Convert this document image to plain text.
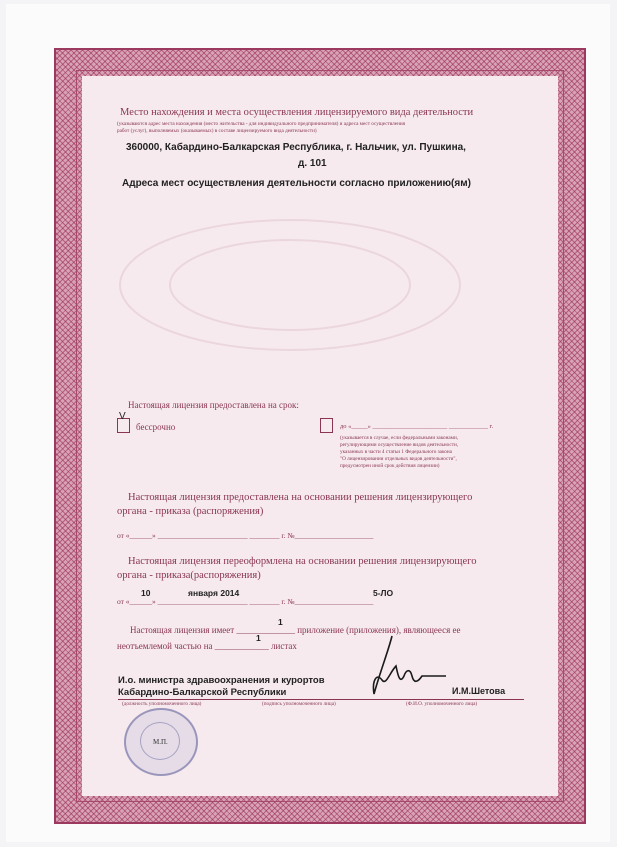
Место нахождения и места осуществления лицензируемого вида деятельности
(указываются адрес места нахождения (место жительства - для индивидуального предпринимателя) и адреса мест осуществления
работ (услуг), выполняемых (оказываемых) в составе лицензируемого вида деятельности)
360000, Кабардино-Балкарская Республика, г. Нальчик, ул. Пушкина,
д. 101
Адреса мест осуществления деятельности согласно приложению(ям)
Настоящая лицензия предоставлена на срок:
V
бессрочно	до «_____» _______________________ ____________ г.
(указывается в случае, если федеральными законами,
регулирующими осуществление видов деятельности,
указанных в части 4 статьи 1 Федерального закона
"О лицензировании отдельных видов деятельности",
предусмотрен иной срок действия лицензии)
Настоящая лицензия предоставлена на основании решения лицензирующего
органа - приказа (распоряжения)
от «______» ________________________ ________ г. №_____________________
Настоящая лицензия переоформлена на основании решения лицензирующего
органа - приказа(распоряжения)
от «______» ________________________ ________ г. №_____________________
10	января 2014	5-ЛО
Настоящая лицензия имеет _____________ приложение (приложения), являющееся ее
неотъемлемой частью на ____________ листах
1
1
И.о. министра здравоохранения и курортов
Кабардино-Балкарской Республики	И.М.Шетова
(должность уполномоченного лица)	(подпись уполномоченного лица)	(Ф.И.О. уполномоченного лица)
М.П.
